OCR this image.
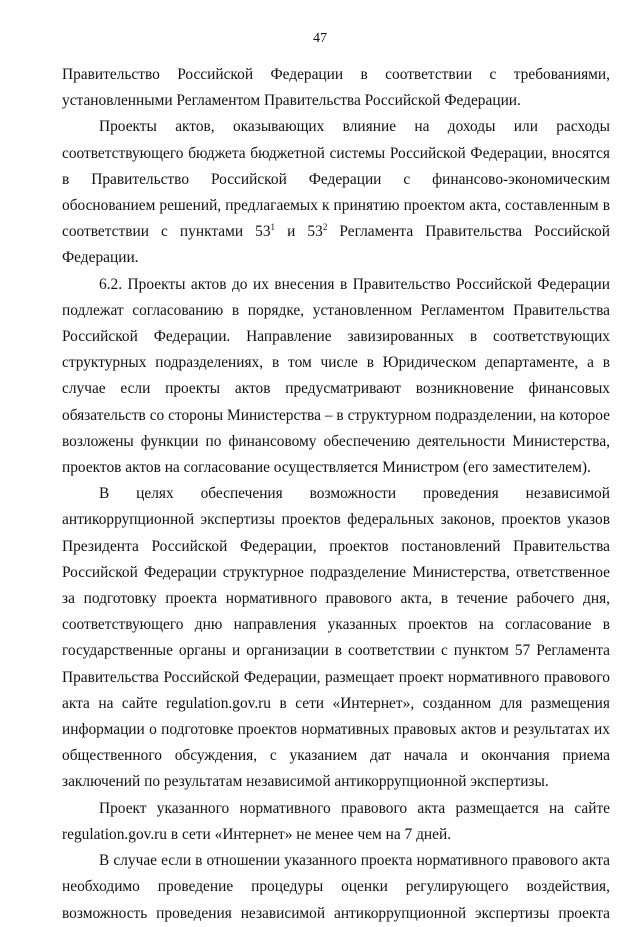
47

Правительство Российской Федерации в соответствии с требованиями, установленными Регламентом Правительства Российской Федерации.

Проекты актов, оказывающих влияние на доходы или расходы соответствующего бюджета бюджетной системы Российской Федерации, вносятся в Правительство Российской Федерации с финансово-экономическим обоснованием решений, предлагаемых к принятию проектом акта, составленным в соответствии с пунктами $53^1$ и $53^2$ Регламента Правительства Российской Федерации.

6.2. Проекты актов до их внесения в Правительство Российской Федерации подлежат согласованию в порядке, установленном Регламентом Правительства Российской Федерации. Направление завизированных в соответствующих структурных подразделениях, в том числе в Юридическом департаменте, а в случае если проекты актов предусматривают возникновение финансовых обязательств со стороны Министерства – в структурном подразделении, на которое возложены функции по финансовому обеспечению деятельности Министерства, проектов актов на согласование осуществляется Министром (его заместителем).

В целях обеспечения возможности проведения независимой антикоррупционной экспертизы проектов федеральных законов, проектов указов Президента Российской Федерации, проектов постановлений Правительства Российской Федерации структурное подразделение Министерства, ответственное за подготовку проекта нормативного правового акта, в течение рабочего дня, соответствующего дню направления указанных проектов на согласование в государственные органы и организации в соответствии с пунктом 57 Регламента Правительства Российской Федерации, размещает проект нормативного правового акта на сайте regulation.gov.ru в сети «Интернет», созданном для размещения информации о подготовке проектов нормативных правовых актов и результатах их общественного обсуждения, с указанием дат начала и окончания приема заключений по результатам независимой антикоррупционной экспертизы.

Проект указанного нормативного правового акта размещается на сайте regulation.gov.ru в сети «Интернет» не менее чем на 7 дней.

В случае если в отношении указанного проекта нормативного правового акта необходимо проведение процедуры оценки регулирующего воздействия, возможность проведения независимой антикоррупционной экспертизы проекта
